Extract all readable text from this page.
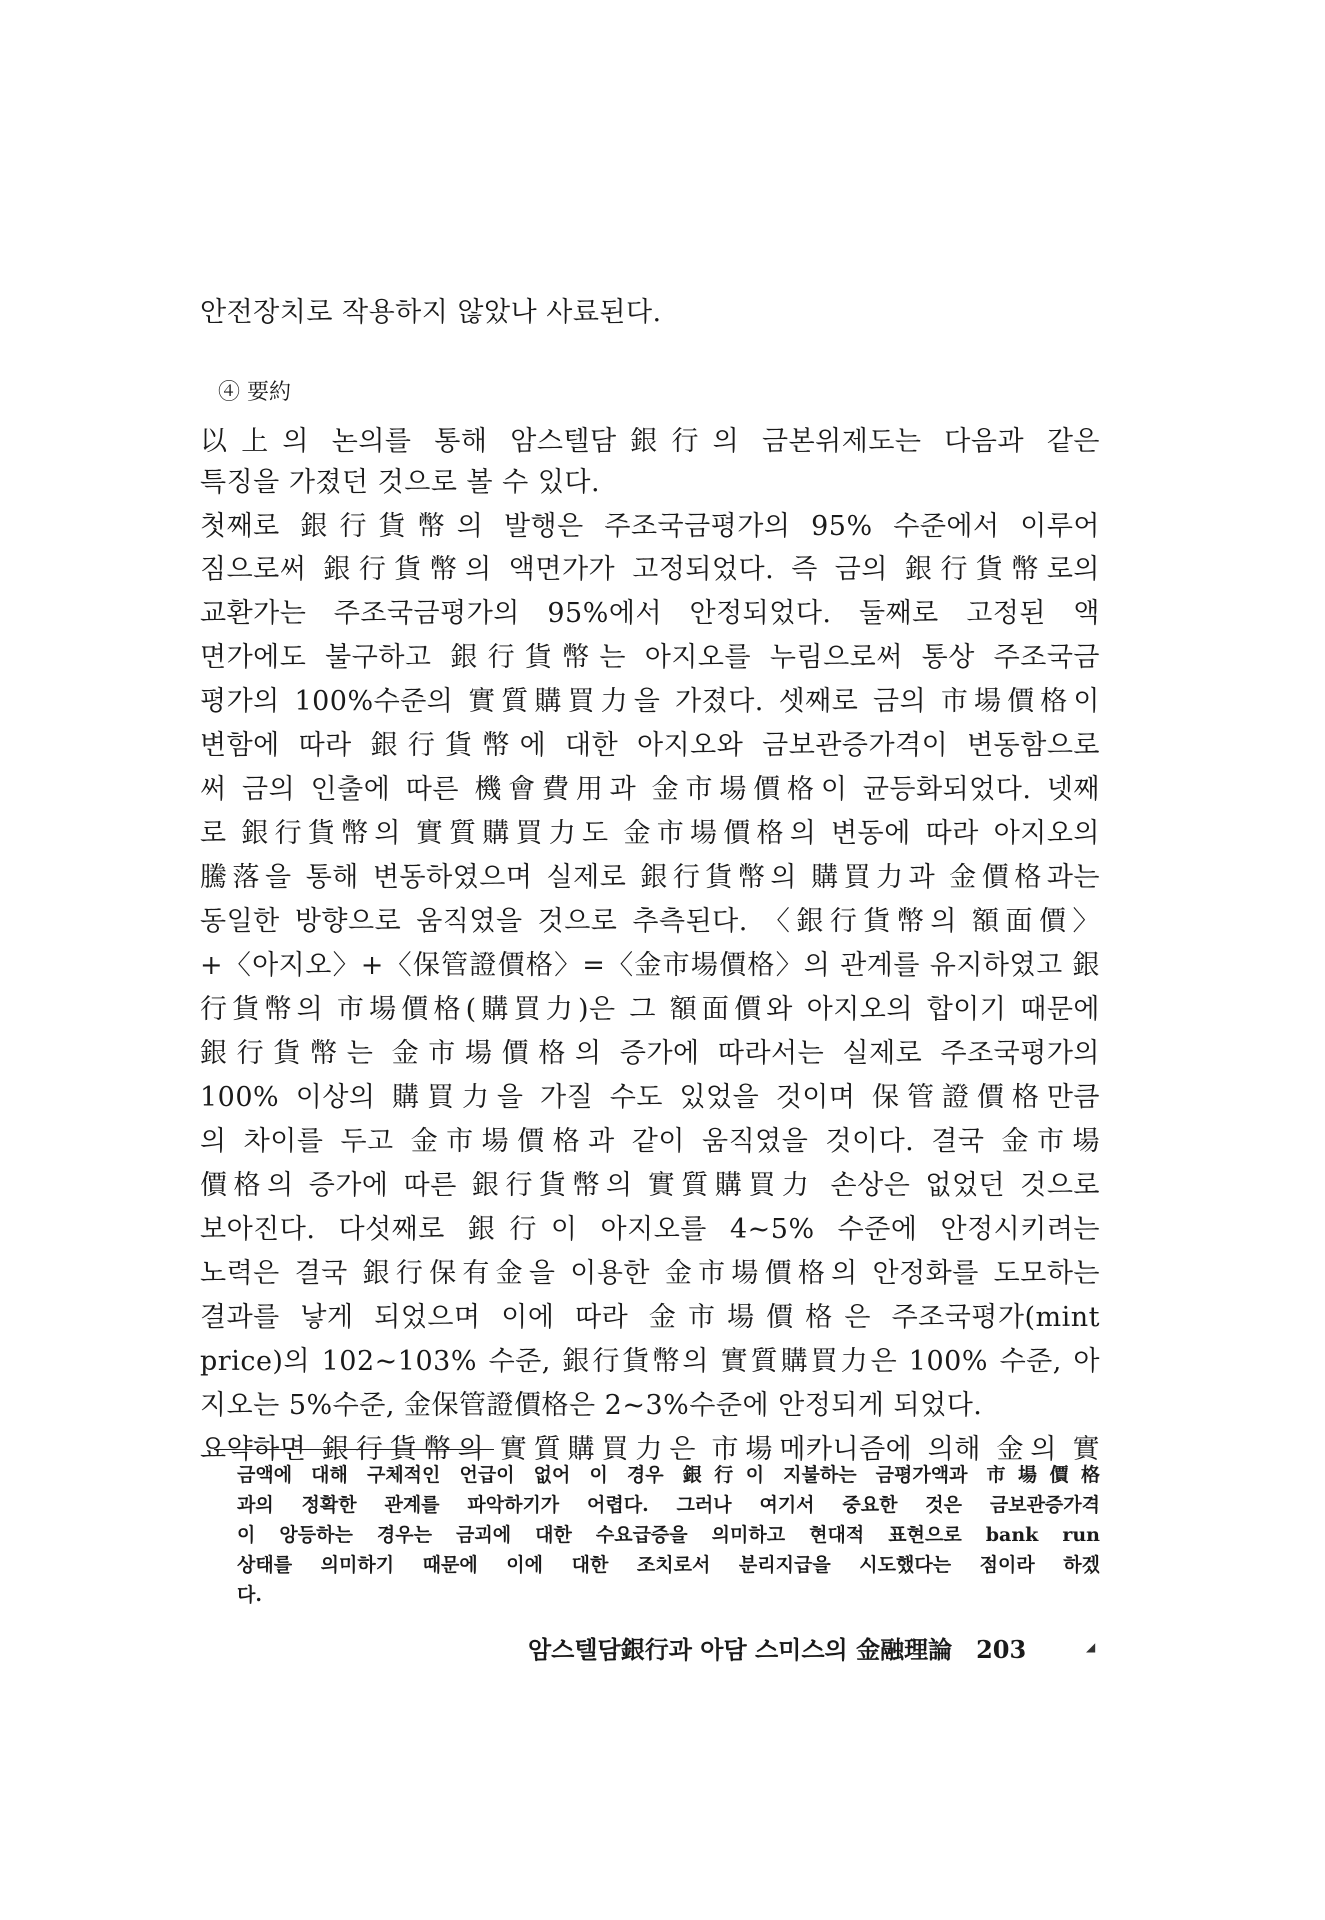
안전장치로 작용하지 않았나 사료된다.
④ 要約
以上의 논의를 통해 암스텔담銀行의 금본위제도는 다음과 같은
특징을 가졌던 것으로 볼 수 있다.
첫째로 銀行貨幣의 발행은 주조국금평가의 95% 수준에서 이루어
짐으로써 銀行貨幣의 액면가가 고정되었다. 즉 금의 銀行貨幣로의
교환가는 주조국금평가의 95%에서 안정되었다. 둘째로 고정된 액
면가에도 불구하고 銀行貨幣는 아지오를 누림으로써 통상 주조국금
평가의 100%수준의 實質購買力을 가졌다. 셋째로 금의 市場價格이
변함에 따라 銀行貨幣에 대한 아지오와 금보관증가격이 변동함으로
써 금의 인출에 따른 機會費用과 金市場價格이 균등화되었다. 넷째
로 銀行貨幣의 實質購買力도 金市場價格의 변동에 따라 아지오의
騰落을 통해 변동하였으며 실제로 銀行貨幣의 購買力과 金價格과는
동일한 방향으로 움직였을 것으로 추측된다. 〈銀行貨幣의 額面價〉
+〈아지오〉+〈保管證價格〉=〈金市場價格〉의 관계를 유지하였고 銀
行貨幣의 市場價格(購買力)은 그 額面價와 아지오의 합이기 때문에
銀行貨幣는 金市場價格의 증가에 따라서는 실제로 주조국평가의
100% 이상의 購買力을 가질 수도 있었을 것이며 保管證價格만큼
의 차이를 두고 金市場價格과 같이 움직였을 것이다. 결국 金市場
價格의 증가에 따른 銀行貨幣의 實質購買力 손상은 없었던 것으로
보아진다. 다섯째로 銀行이 아지오를 4~5% 수준에 안정시키려는
노력은 결국 銀行保有金을 이용한 金市場價格의 안정화를 도모하는
결과를 낳게 되었으며 이에 따라 金市場價格은 주조국평가(mint
price)의 102~103% 수준, 銀行貨幣의 實質購買力은 100% 수준, 아
지오는 5%수준, 金保管證價格은 2~3%수준에 안정되게 되었다.
요약하면 銀行貨幣의 實質購買力은 市場메카니즘에 의해 金의 實
금액에 대해 구체적인 언급이 없어 이 경우 銀行이 지불하는 금평가액과 市場價格
과의 정확한 관계를 파악하기가 어렵다. 그러나 여기서 중요한 것은 금보관증가격
이 앙등하는 경우는 금괴에 대한 수요급증을 의미하고 현대적 표현으로 bank run
상태를 의미하기 때문에 이에 대한 조치로서 분리지급을 시도했다는 점이라 하겠
다.
암스텔담銀行과 아담 스미스의 金融理論 203	◢
